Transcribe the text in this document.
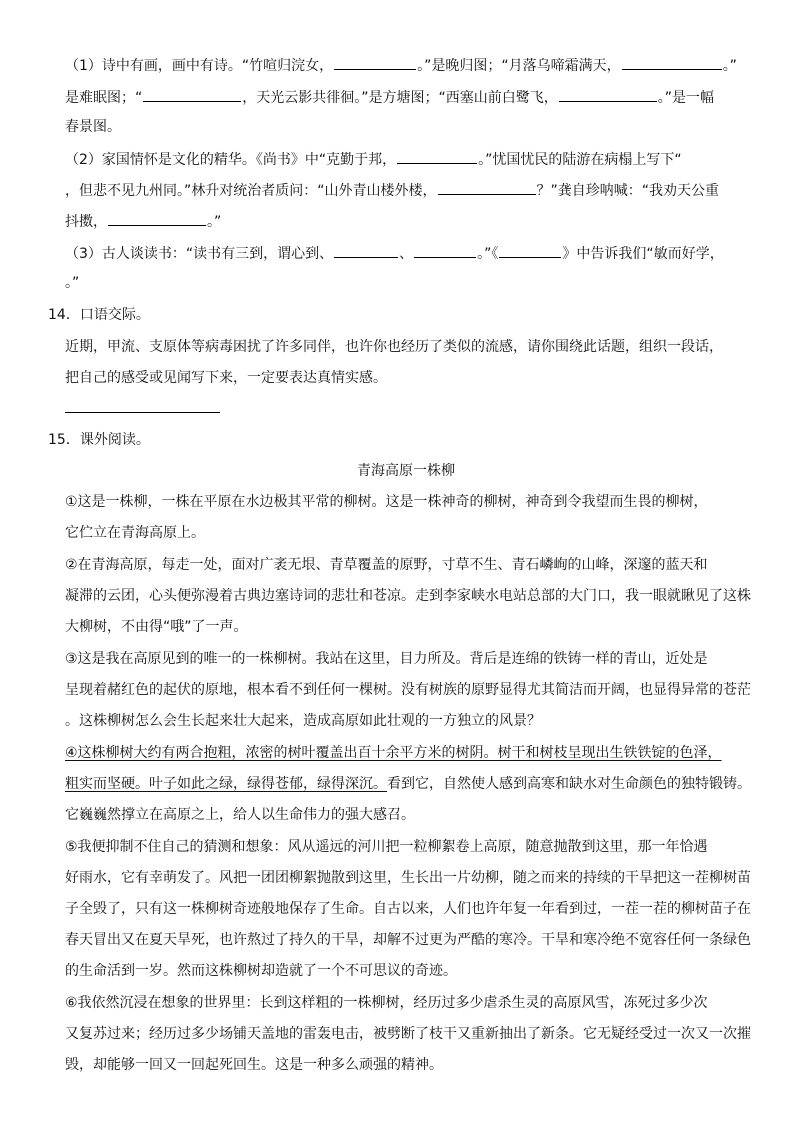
（1）诗中有画，画中有诗。“竹喧归浣女，	。”是晚归图；“月落乌啼霜满天，	。”
是难眠图；“	，天光云影共徘徊。”是方塘图；“西塞山前白鹭飞，	。”是一幅
春景图。
（2）家国情怀是文化的精华。《尚书》中“克勤于邦，	。”忧国忧民的陆游在病榻上写下“
，但悲不见九州同。”林升对统治者质问：“山外青山楼外楼，	？”龚自珍呐喊：“我劝天公重
抖擞，	。”
（3）古人谈读书：“读书有三到，谓心到、	、	。”《	》中告诉我们“敏而好学，
。”
14．口语交际。
近期，甲流、支原体等病毒困扰了许多同伴，也许你也经历了类似的流感，请你围绕此话题，组织一段话，
把自己的感受或见闻写下来，一定要表达真情实感。
15．课外阅读。
青海高原一株柳
①这是一株柳，一株在平原在水边极其平常的柳树。这是一株神奇的柳树，神奇到令我望而生畏的柳树，
它伫立在青海高原上。
②在青海高原，每走一处，面对广袤无垠、青草覆盖的原野，寸草不生、青石嶙峋的山峰，深邃的蓝天和
凝滞的云团，心头便弥漫着古典边塞诗词的悲壮和苍凉。走到李家峡水电站总部的大门口，我一眼就瞅见了这株
大柳树，不由得“哦”了一声。
③这是我在高原见到的唯一的一株柳树。我站在这里，目力所及。背后是连绵的铁铸一样的青山，近处是
呈现着赭红色的起伏的原地，根本看不到任何一棵树。没有树族的原野显得尤其简洁而开阔，也显得异常的苍茫
。这株柳树怎么会生长起来壮大起来，造成高原如此壮观的一方独立的风景？
④这株柳树大约有两合抱粗，浓密的树叶覆盖出百十余平方米的树阴。树干和树枝呈现出生铁铁锭的色泽，
粗实而坚硬。叶子如此之绿，绿得苍郁，绿得深沉。看到它，自然使人感到高寒和缺水对生命颜色的独特锻铸。
它巍巍然撑立在高原之上，给人以生命伟力的强大感召。
⑤我便抑制不住自己的猜测和想象：风从遥远的河川把一粒柳絮卷上高原，随意抛散到这里，那一年恰遇
好雨水，它有幸萌发了。风把一团团柳絮抛散到这里，生长出一片幼柳，随之而来的持续的干旱把这一茬柳树苗
子全毁了，只有这一株柳树奇迹般地保存了生命。自古以来，人们也许年复一年看到过，一茬一茬的柳树苗子在
春天冒出又在夏天旱死，也许熬过了持久的干旱，却解不过更为严酷的寒冷。干旱和寒冷绝不宽容任何一条绿色
的生命活到一岁。然而这株柳树却造就了一个不可思议的奇迹。
⑥我依然沉浸在想象的世界里：长到这样粗的一株柳树，经历过多少虐杀生灵的高原风雪，冻死过多少次
又复苏过来；经历过多少场铺天盖地的雷轰电击，被劈断了枝干又重新抽出了新条。它无疑经受过一次又一次摧
毁，却能够一回又一回起死回生。这是一种多么顽强的精神。
